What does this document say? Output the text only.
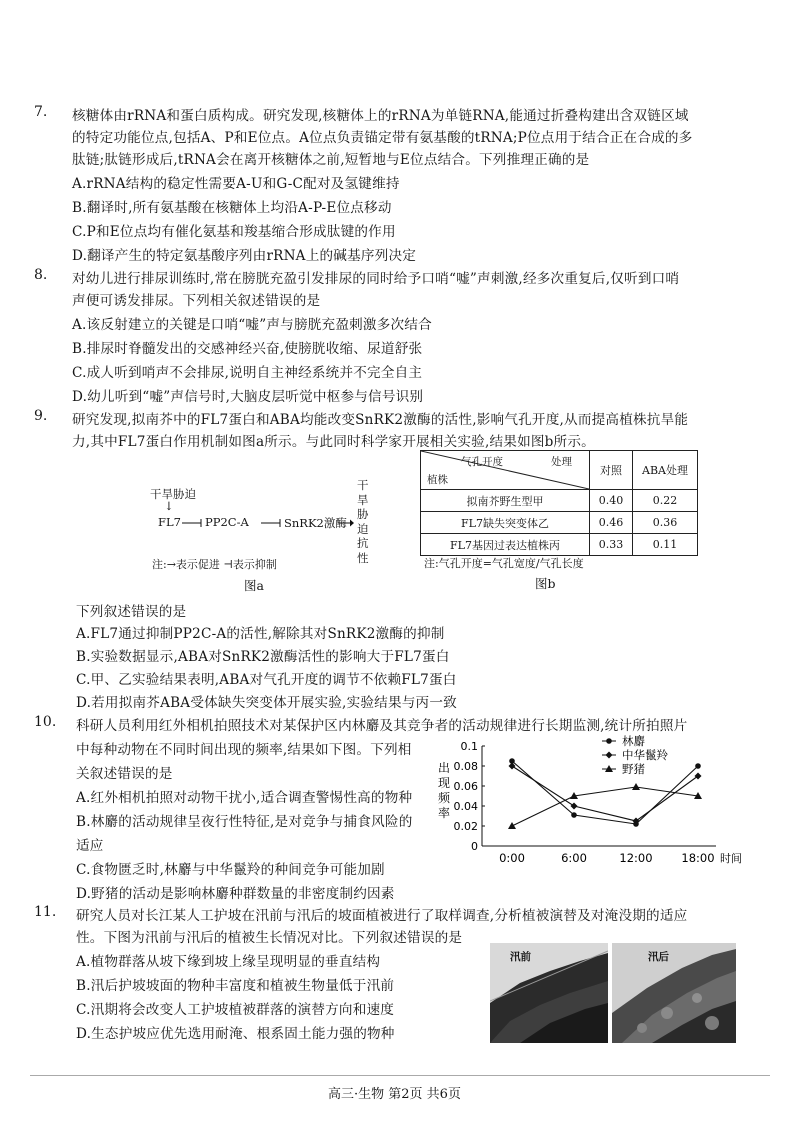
7. 核糖体由rRNA和蛋白质构成。研究发现,核糖体上的rRNA为单链RNA,能通过折叠构建出含双链区域
的特定功能位点,包括A、P和E位点。A位点负责锚定带有氨基酸的tRNA;P位点用于结合正在合成的多
肽链;肽链形成后,tRNA会在离开核糖体之前,短暂地与E位点结合。下列推理正确的是
A.rRNA结构的稳定性需要A-U和G-C配对及氢键维持
B.翻译时,所有氨基酸在核糖体上均沿A-P-E位点移动
C.P和E位点均有催化氨基和羧基缩合形成肽键的作用
D.翻译产生的特定氨基酸序列由rRNA上的碱基序列决定
8. 对幼儿进行排尿训练时,常在膀胱充盈引发排尿的同时给予口哨“嘘”声刺激,经多次重复后,仅听到口哨
声便可诱发排尿。下列相关叙述错误的是
A.该反射建立的关键是口哨“嘘”声与膀胱充盈刺激多次结合
B.排尿时脊髓发出的交感神经兴奋,使膀胱收缩、尿道舒张
C.成人听到哨声不会排尿,说明自主神经系统并不完全自主
D.幼儿听到“嘘”声信号时,大脑皮层听觉中枢参与信号识别
9. 研究发现,拟南芥中的FL7蛋白和ABA均能改变SnRK2激酶的活性,影响气孔开度,从而提高植株抗旱能
力,其中FL7蛋白作用机制如图a所示。与此同时科学家开展相关实验,结果如图b所示。
干旱胁迫
↓
FL7 PP2C-A	SnRK2激酶
干
旱
胁
迫
抗
性
注:→表示促进 ⊣表示抑制
图a
气孔开度 处理
植株	对照	ABA处理
拟南芥野生型甲	0.40	0.22
FL7缺失突变体乙	0.46	0.36
FL7基因过表达植株丙	0.33	0.11
注:气孔开度=气孔宽度/气孔长度
图b
下列叙述错误的是
A.FL7通过抑制PP2C-A的活性,解除其对SnRK2激酶的抑制
B.实验数据显示,ABA对SnRK2激酶活性的影响大于FL7蛋白
C.甲、乙实验结果表明,ABA对气孔开度的调节不依赖FL7蛋白
D.若用拟南芥ABA受体缺失突变体开展实验,实验结果与丙一致
10. 科研人员利用红外相机拍照技术对某保护区内林麝及其竞争者的活动规律进行长期监测,统计所拍照片
中每种动物在不同时间出现的频率,结果如下图。下列相
关叙述错误的是
A.红外相机拍照对动物干扰小,适合调查警惕性高的物种
B.林麝的活动规律呈夜行性特征,是对竞争与捕食风险的
适应
C.食物匮乏时,林麝与中华鬣羚的种间竞争可能加剧
D.野猪的活动是影响林麝种群数量的非密度制约因素
0
0.02
0.04
0.06
0.08
0.1
0:00	6:00	12:00	18:00 时间
出
现
频
率
林麝
中华鬣羚
野猪
11. 研究人员对长江某人工护坡在汛前与汛后的坡面植被进行了取样调查,分析植被演替及对淹没期的适应
性。下图为汛前与汛后的植被生长情况对比。下列叙述错误的是
A.植物群落从坡下缘到坡上缘呈现明显的垂直结构
B.汛后护坡坡面的物种丰富度和植被生物量低于汛前
C.汛期将会改变人工护坡植被群落的演替方向和速度
D.生态护坡应优先选用耐淹、根系固土能力强的物种
汛前	汛后
高三·生物 第2页 共6页
